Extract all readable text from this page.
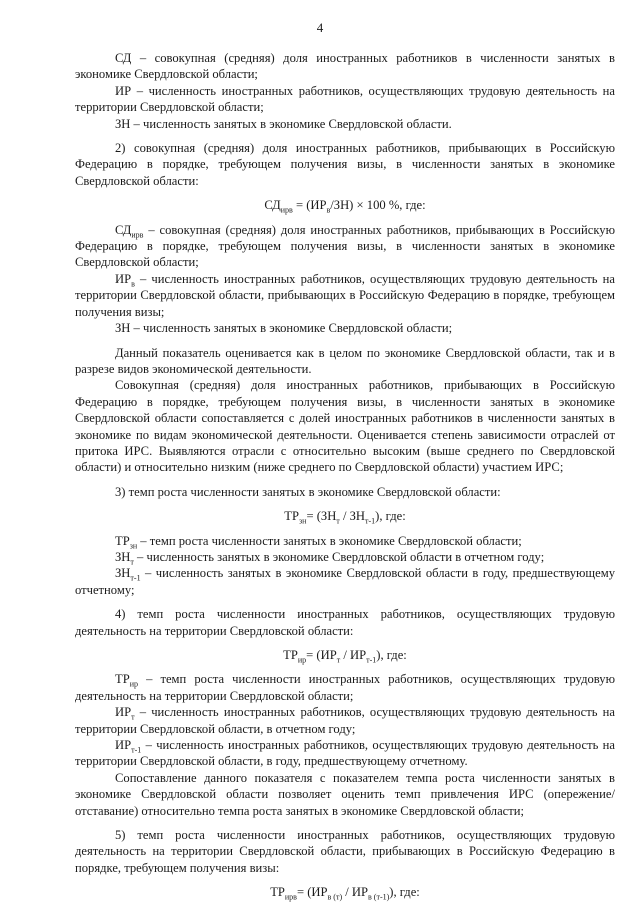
4

СД – совокупная (средняя) доля иностранных работников в численности занятых в экономике Свердловской области;

ИР – численность иностранных работников, осуществляющих трудовую деятельность на территории Свердловской области;

ЗН – численность занятых в экономике Свердловской области.

2) совокупная (средняя) доля иностранных работников, прибывающих в Российскую Федерацию в порядке, требующем получения визы, в численности занятых в экономике Свердловской области:

$СД_{ирв} = (ИР_в/ЗН) \times 100$ %, где:

$СД_{ирв}$ – совокупная (средняя) доля иностранных работников, прибывающих в Российскую Федерацию в порядке, требующем получения визы, в численности занятых в экономике Свердловской области;

$ИР_в$ – численность иностранных работников, осуществляющих трудовую деятельность на территории Свердловской области, прибывающих в Российскую Федерацию в порядке, требующем получения визы;

ЗН – численность занятых в экономике Свердловской области;

Данный показатель оценивается как в целом по экономике Свердловской области, так и в разрезе видов экономической деятельности.

Совокупная (средняя) доля иностранных работников, прибывающих в Российскую Федерацию в порядке, требующем получения визы, в численности занятых в экономике Свердловской области сопоставляется с долей иностранных работников в численности занятых в экономике по видам экономической деятельности. Оценивается степень зависимости отраслей от притока ИРС. Выявляются отрасли с относительно высоким (выше среднего по Свердловской области) и относительно низким (ниже среднего по Свердловской области) участием ИРС;

3) темп роста численности занятых в экономике Свердловской области:

$ТР_{зн}= (ЗН_т / ЗН_{т-1})$, где:

$ТР_{зн}$ – темп роста численности занятых в экономике Свердловской области;

$ЗН_т$ – численность занятых в экономике Свердловской области в отчетном году;

$ЗН_{т-1}$ – численность занятых в экономике Свердловской области в году, предшествующему отчетному;

4) темп роста численности иностранных работников, осуществляющих трудовую деятельность на территории Свердловской области:

$ТР_{ир}= (ИР_т / ИР_{т-1})$, где:

$ТР_{ир}$ – темп роста численности иностранных работников, осуществляющих трудовую деятельность на территории Свердловской области;

$ИР_т$ – численность иностранных работников, осуществляющих трудовую деятельность на территории Свердловской области, в отчетном году;

$ИР_{т-1}$ – численность иностранных работников, осуществляющих трудовую деятельность на территории Свердловской области, в году, предшествующему отчетному.

Сопоставление данного показателя с показателем темпа роста численности занятых в экономике Свердловской области позволяет оценить темп привлечения ИРС (опережение/отставание) относительно темпа роста занятых в экономике Свердловской области;

5) темп роста численности иностранных работников, осуществляющих трудовую деятельность на территории Свердловской области, прибывающих в Российскую Федерацию в порядке, требующем получения визы:

$ТР_{ирв}= (ИР_{в (т)} / ИР_{в (т-1)})$, где:
